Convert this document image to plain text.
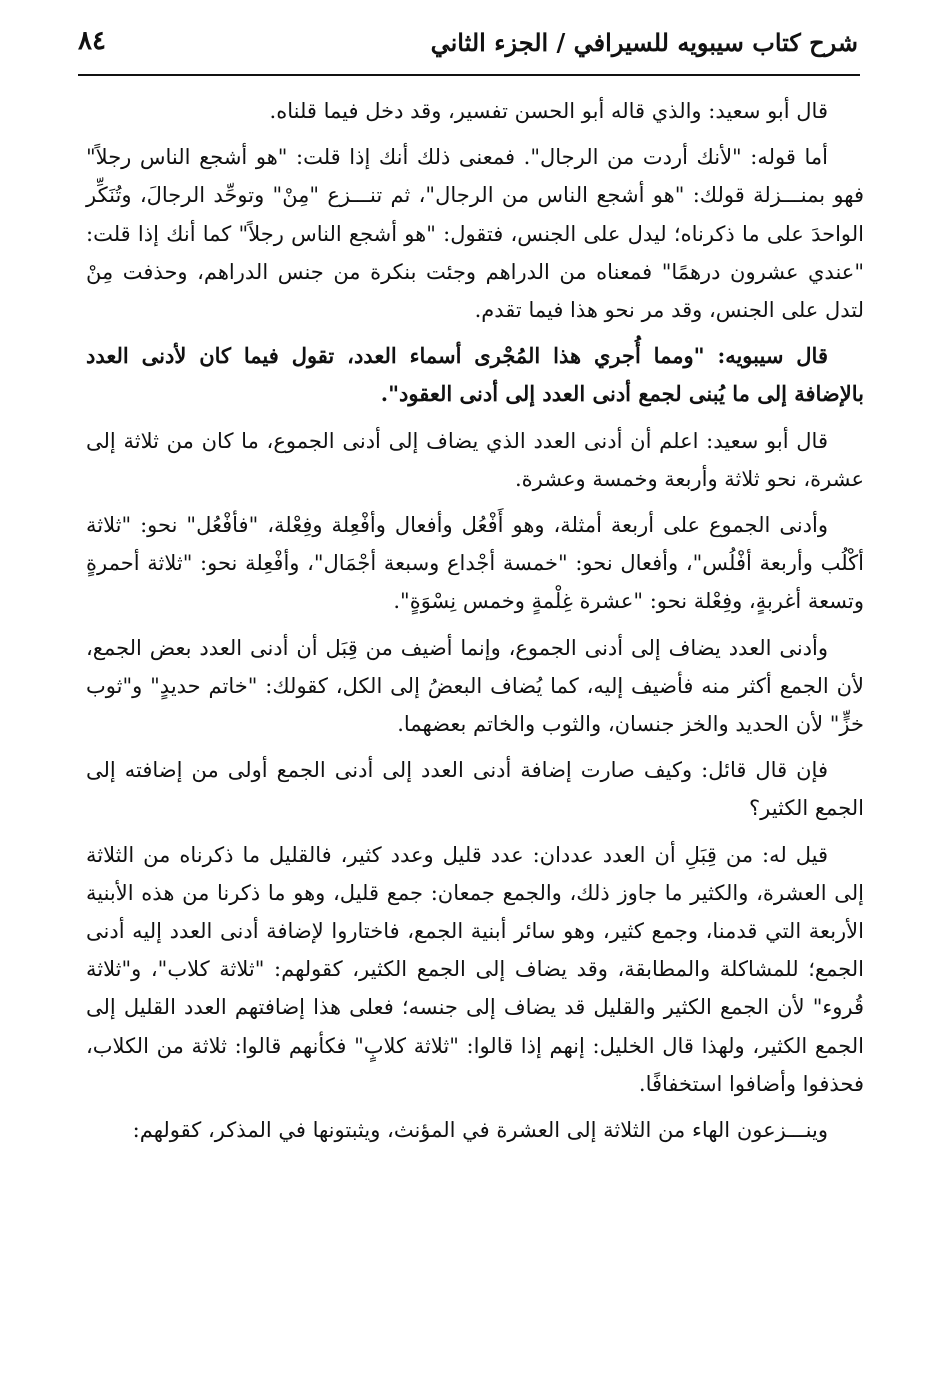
شرح كتاب سيبويه للسيرافي / الجزء الثاني
٨٤

قال أبو سعيد: والذي قاله أبو الحسن تفسير، وقد دخل فيما قلناه.

أما قوله: "لأنك أردت من الرجال". فمعنى ذلك أنك إذا قلت: "هو أشجع الناس رجلاً" فهو بمنـــزلة قولك: "هو أشجع الناس من الرجال"، ثم تنـــزع "مِنْ" وتوحِّد الرجالَ، وتُنَكِّر الواحدَ على ما ذكرناه؛ ليدل على الجنس، فتقول: "هو أشجع الناس رجلاً" كما أنك إذا قلت: "عندي عشرون درهمًا" فمعناه من الدراهم وجئت بنكرة من جنس الدراهم، وحذفت مِنْ لتدل على الجنس، وقد مر نحو هذا فيما تقدم.

قال سيبويه: "ومما أُجري هذا المُجْرى أسماء العدد، تقول فيما كان لأدنى العدد بالإضافة إلى ما يُبنى لجمع أدنى العدد إلى أدنى العقود".

قال أبو سعيد: اعلم أن أدنى العدد الذي يضاف إلى أدنى الجموع، ما كان من ثلاثة إلى عشرة، نحو ثلاثة وأربعة وخمسة وعشرة.

وأدنى الجموع على أربعة أمثلة، وهو أَفْعُل وأفعال وأفْعِلة وفِعْلة، "فأفْعُل" نحو: "ثلاثة أكْلُب وأربعة أفْلُس"، وأفعال نحو: "خمسة أجْداع وسبعة أجْمَال"، وأفْعِلة نحو: "ثلاثة أحمرةٍ وتسعة أغربةٍ، وفِعْلة نحو: "عشرة غِلْمةٍ وخمس نِسْوَةٍ".

وأدنى العدد يضاف إلى أدنى الجموع، وإنما أضيف من قِبَل أن أدنى العدد بعض الجمع، لأن الجمع أكثر منه فأضيف إليه، كما يُضاف البعضُ إلى الكل، كقولك: "خاتم حديدٍ" و"ثوب خزٍّ" لأن الحديد والخز جنسان، والثوب والخاتم بعضهما.

فإن قال قائل: وكيف صارت إضافة أدنى العدد إلى أدنى الجمع أولى من إضافته إلى الجمع الكثير؟

قيل له: من قِبَلِ أن العدد عددان: عدد قليل وعدد كثير، فالقليل ما ذكرناه من الثلاثة إلى العشرة، والكثير ما جاوز ذلك، والجمع جمعان: جمع قليل، وهو ما ذكرنا من هذه الأبنية الأربعة التي قدمنا، وجمع كثير، وهو سائر أبنية الجمع، فاختاروا لإضافة أدنى العدد إليه أدنى الجمع؛ للمشاكلة والمطابقة، وقد يضاف إلى الجمع الكثير، كقولهم: "ثلاثة كلاب"، و"ثلاثة قُروء" لأن الجمع الكثير والقليل قد يضاف إلى جنسه؛ فعلى هذا إضافتهم العدد القليل إلى الجمع الكثير، ولهذا قال الخليل: إنهم إذا قالوا: "ثلاثة كلابٍ" فكأنهم قالوا: ثلاثة من الكلاب، فحذفوا وأضافوا استخفافًا.

وينـــزعون الهاء من الثلاثة إلى العشرة في المؤنث، ويثبتونها في المذكر، كقولهم:
